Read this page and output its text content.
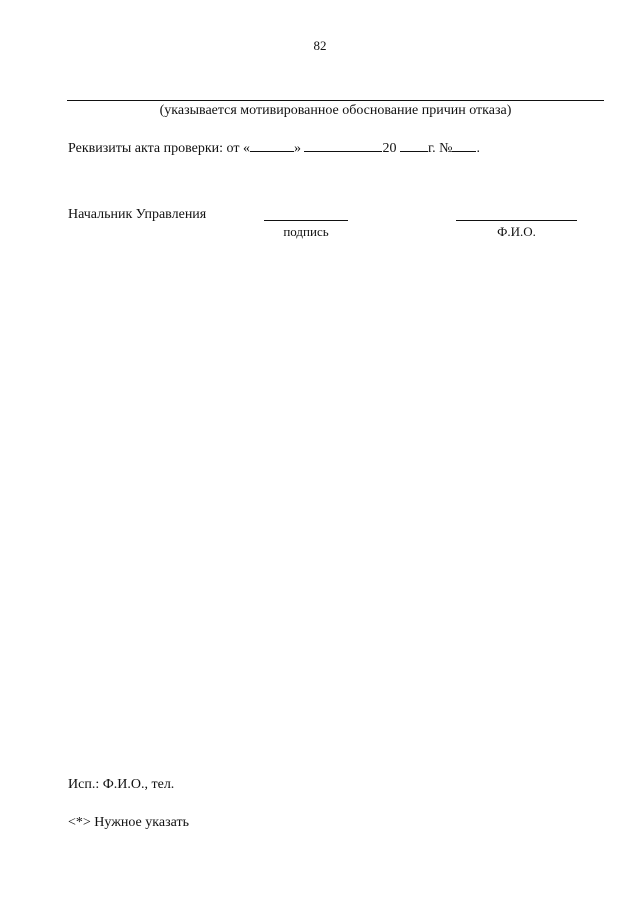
82
(указывается мотивированное обоснование причин отказа)
Реквизиты акта проверки: от «	»	20 г. № .
Начальник Управления
подпись	Ф.И.О.
Исп.: Ф.И.О., тел.
<*> Нужное указать
